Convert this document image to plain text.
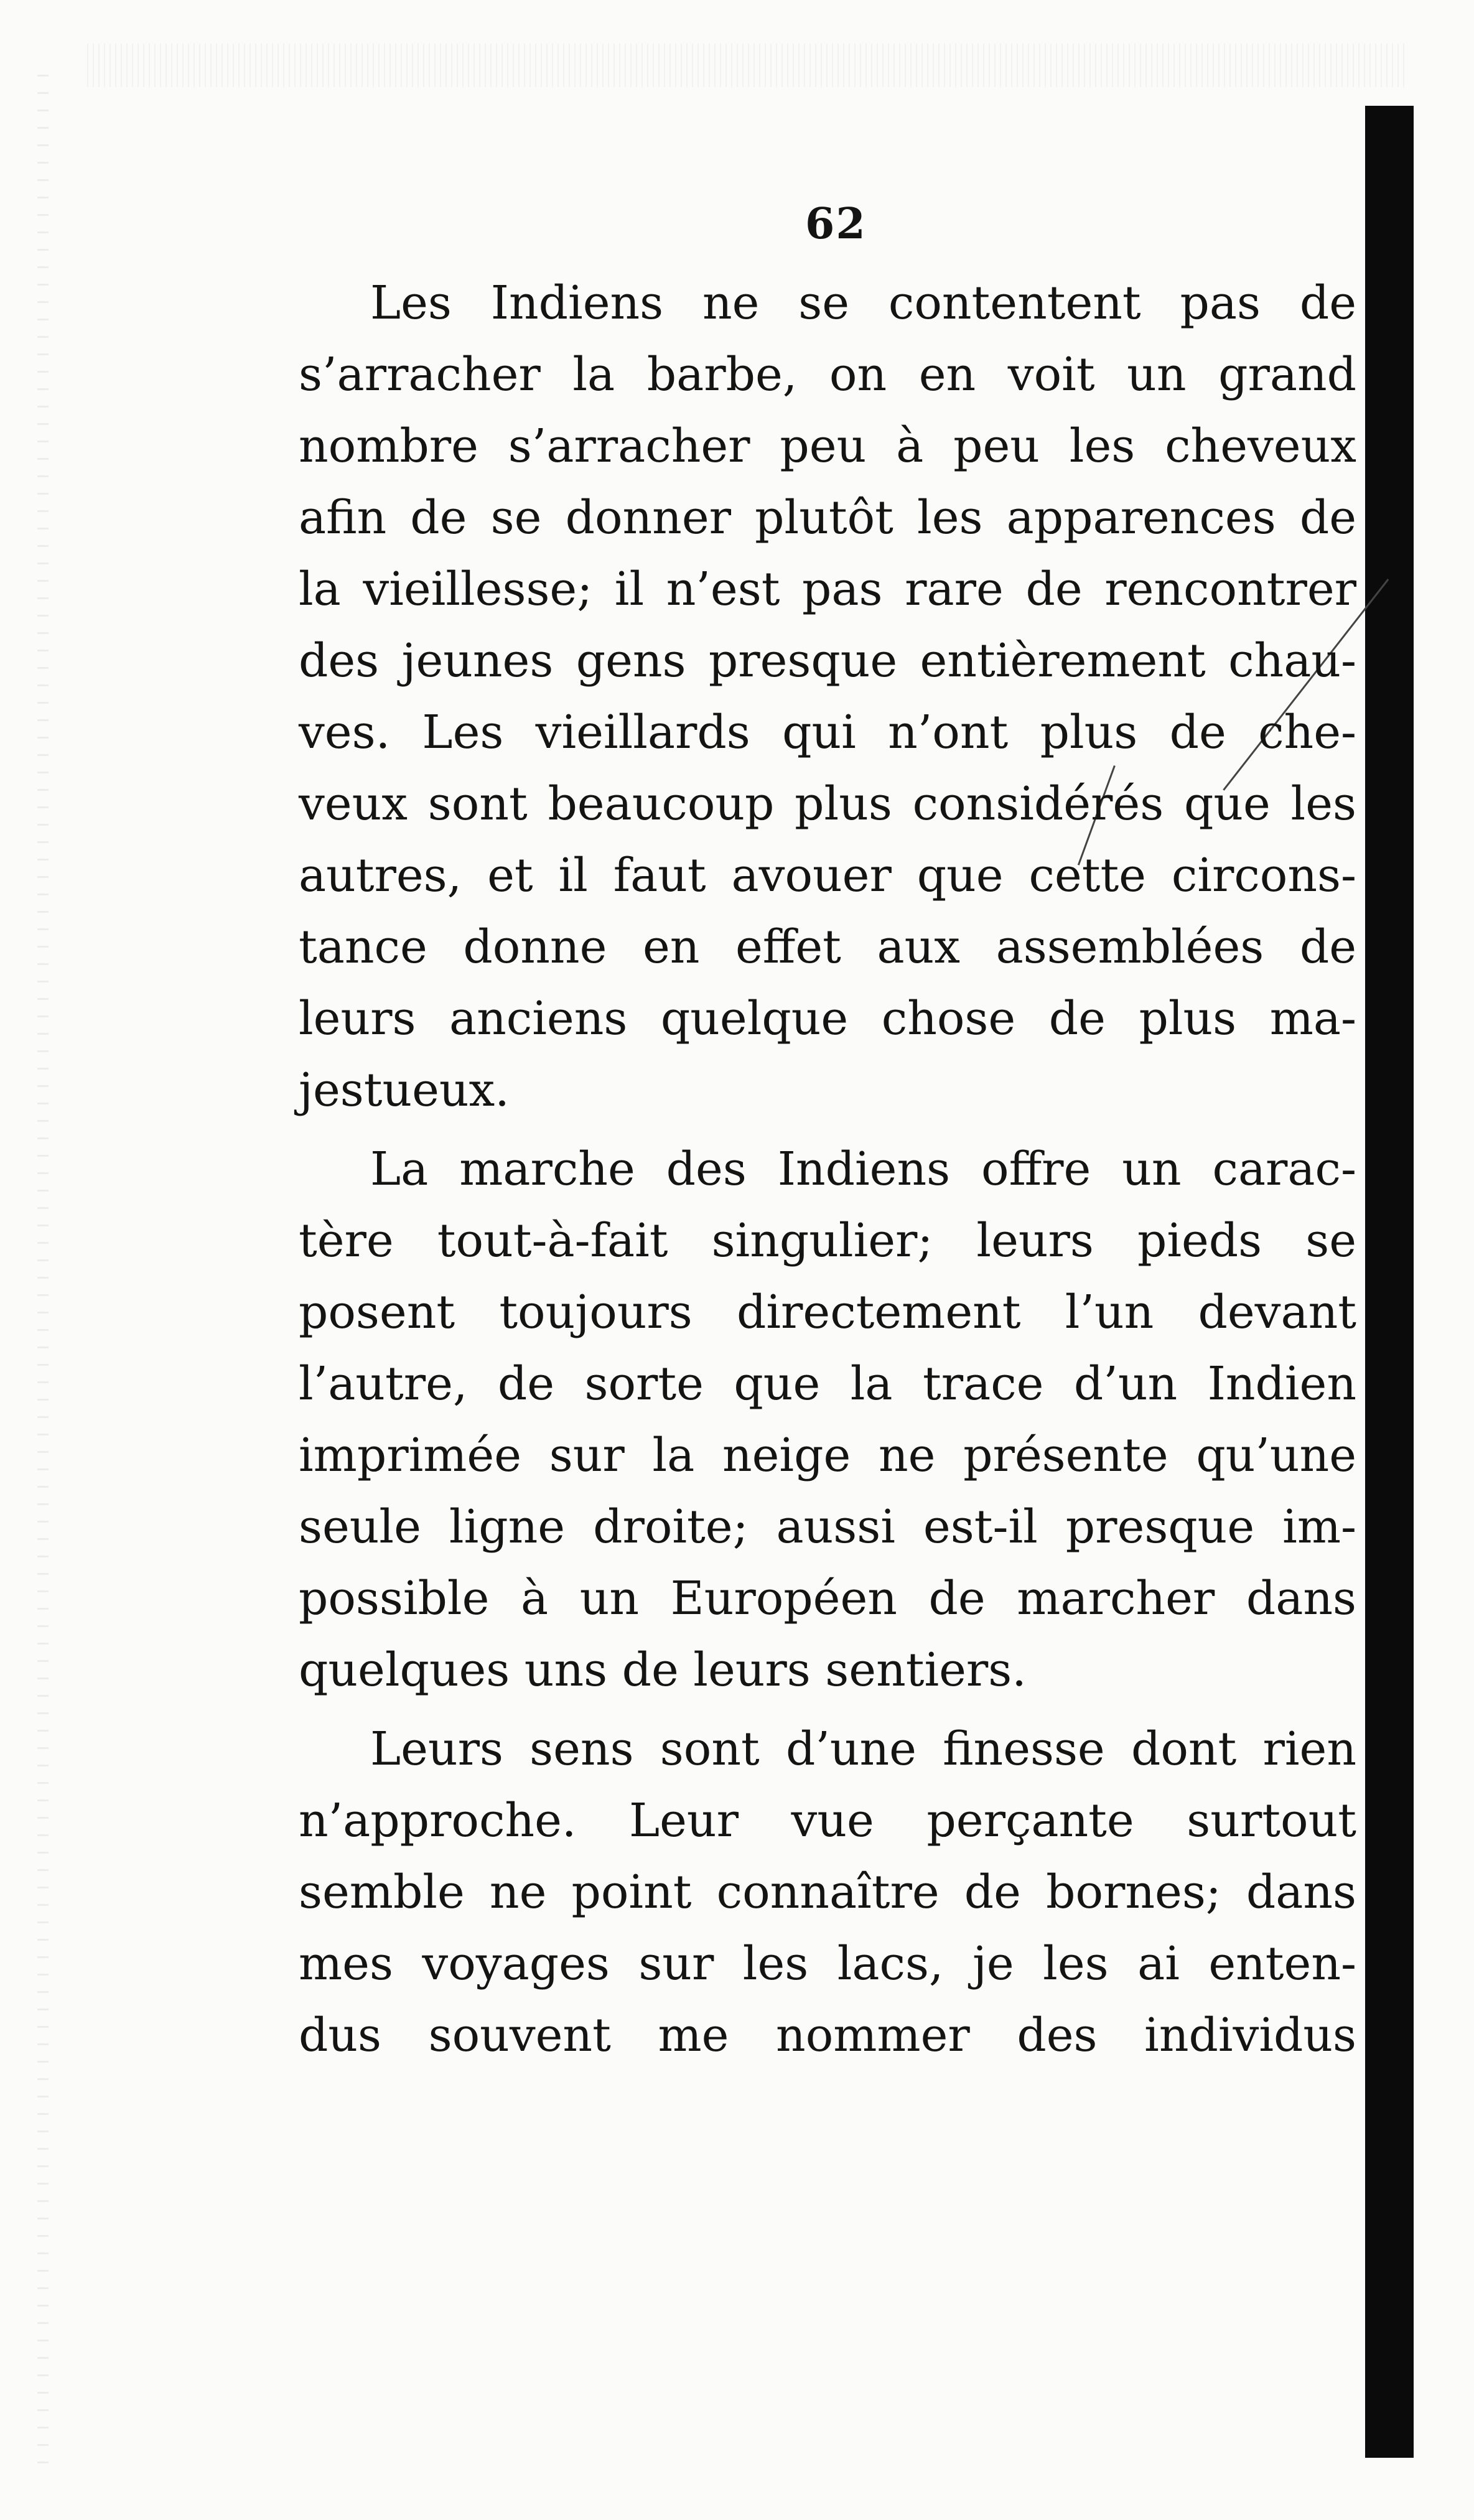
62
Les Indiens ne se contentent pas de
s’arracher la barbe, on en voit un grand
nombre s’arracher peu à peu les cheveux
afin de se donner plutôt les apparences de
la vieillesse; il n’est pas rare de rencontrer
des jeunes gens presque entièrement chau-
ves. Les vieillards qui n’ont plus de che-
veux sont beaucoup plus considérés que les
autres, et il faut avouer que cette circons-
tance donne en effet aux assemblées de
leurs anciens quelque chose de plus ma-
jestueux.
La marche des Indiens offre un carac-
tère tout-à-fait singulier; leurs pieds se
posent toujours directement l’un devant
l’autre, de sorte que la trace d’un Indien
imprimée sur la neige ne présente qu’une
seule ligne droite; aussi est-il presque im-
possible à un Européen de marcher dans
quelques uns de leurs sentiers.
Leurs sens sont d’une finesse dont rien
n’approche. Leur vue perçante surtout
semble ne point connaître de bornes; dans
mes voyages sur les lacs, je les ai enten-
dus souvent me nommer des individus
